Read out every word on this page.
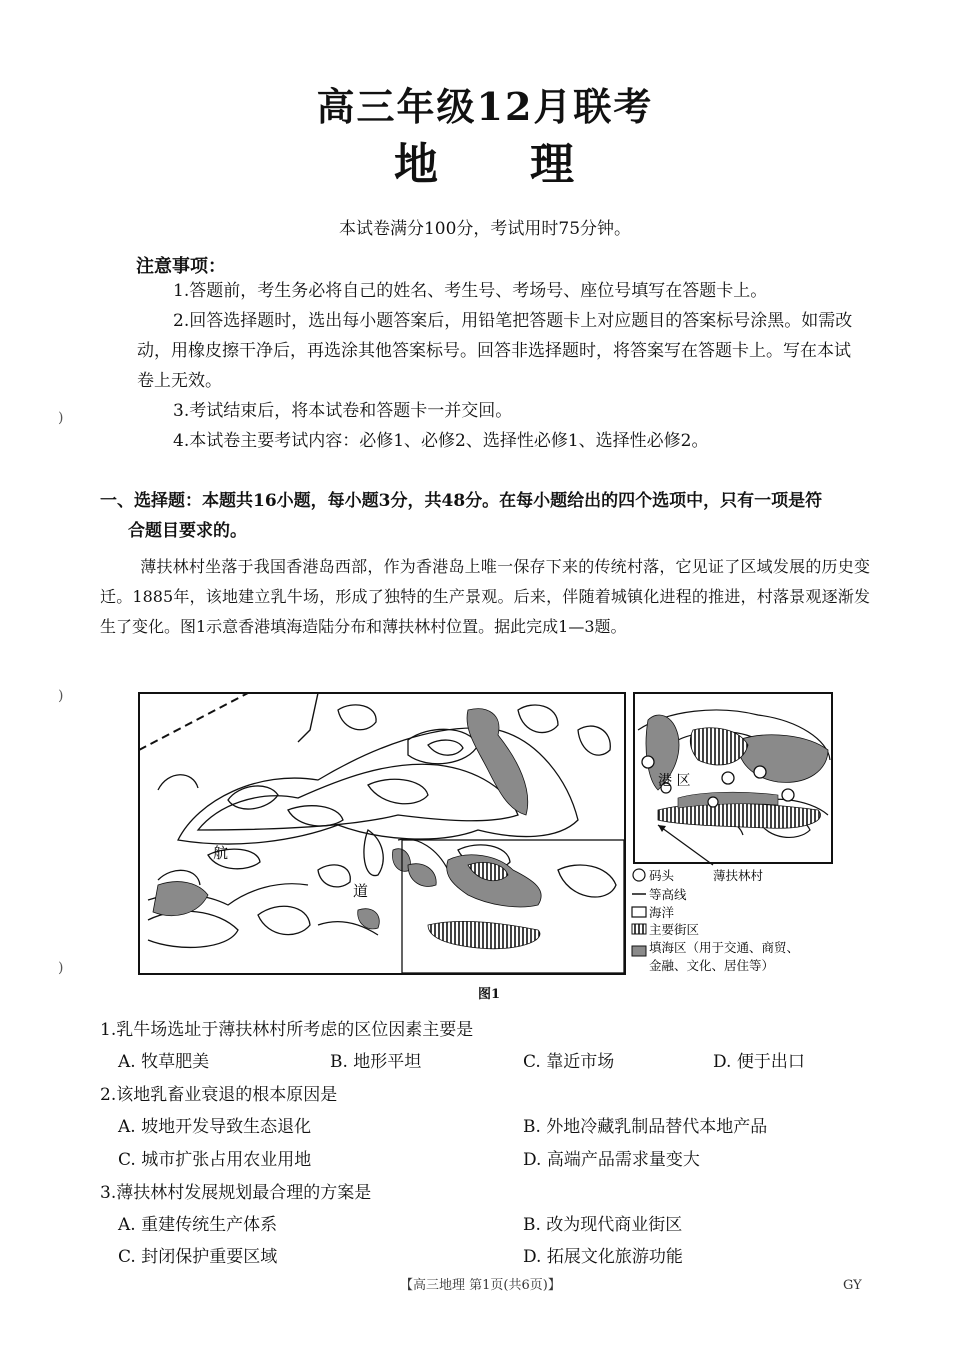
高三年级12月联考
地 理
本试卷满分100分，考试用时75分钟。
注意事项：
1.答题前，考生务必将自己的姓名、考生号、考场号、座位号填写在答题卡上。
2.回答选择题时，选出每小题答案后，用铅笔把答题卡上对应题目的答案标号涂黑。如需改动，用橡皮擦干净后，再选涂其他答案标号。回答非选择题时，将答案写在答题卡上。写在本试卷上无效。
3.考试结束后，将本试卷和答题卡一并交回。
4.本试卷主要考试内容：必修1、必修2、选择性必修1、选择性必修2。
)
)
)
一、选择题：本题共16小题，每小题3分，共48分。在每小题给出的四个选项中，只有一项是符
合题目要求的。
薄扶林村坐落于我国香港岛西部，作为香港岛上唯一保存下来的传统村落，它见证了区域发展的历史变迁。1885年，该地建立乳牛场，形成了独特的生产景观。后来，伴随着城镇化进程的推进，村落景观逐渐发生了变化。图1示意香港填海造陆分布和薄扶林村位置。据此完成1—3题。
航
道
港 区
薄扶林村
码头
等高线
海洋
主要街区
填海区（用于交通、商贸、
金融、文化、居住等）
图1
1.乳牛场选址于薄扶林村所考虑的区位因素主要是
A. 牧草肥美	B. 地形平坦	C. 靠近市场	D. 便于出口
2.该地乳畜业衰退的根本原因是
A. 坡地开发导致生态退化	B. 外地冷藏乳制品替代本地产品
C. 城市扩张占用农业用地	D. 高端产品需求量变大
3.薄扶林村发展规划最合理的方案是
A. 重建传统生产体系	B. 改为现代商业街区
C. 封闭保护重要区域	D. 拓展文化旅游功能
【高三地理 第1页(共6页)】	GY
